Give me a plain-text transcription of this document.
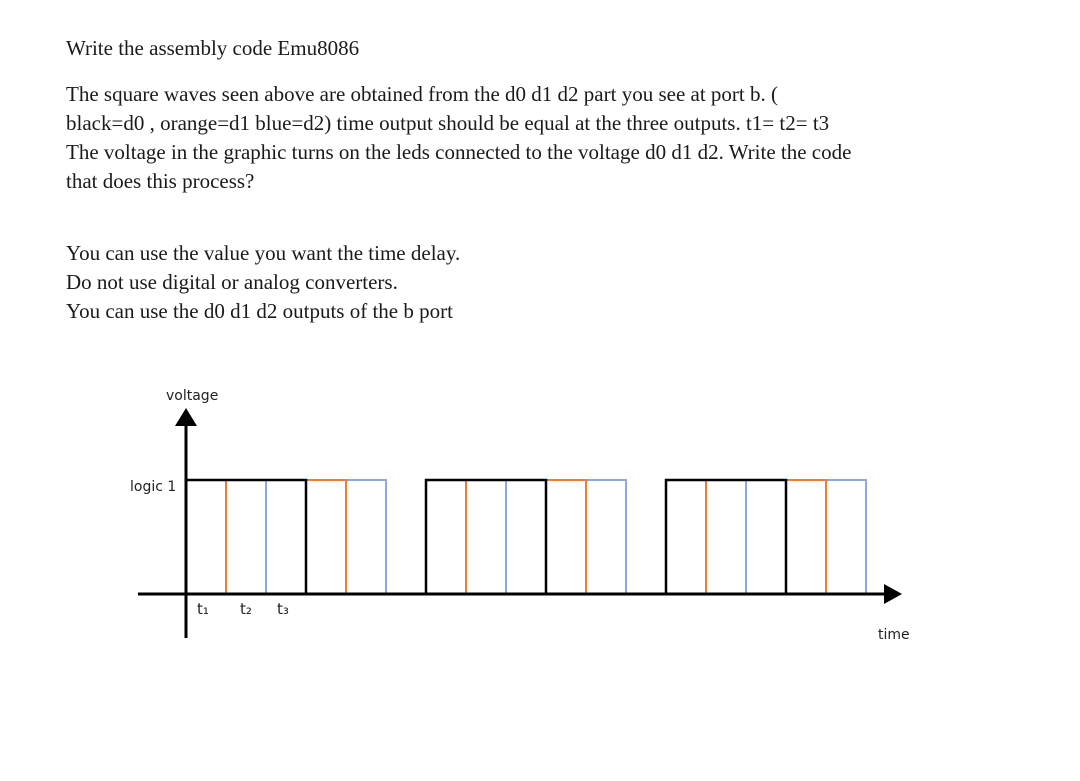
Write the assembly code Emu8086
The square waves seen above are obtained from the d0 d1 d2 part you see at port b. (
black=d0 , orange=d1 blue=d2) time output should be equal at the three outputs. t1= t2= t3
The voltage in the graphic turns on the leds connected to the voltage d0 d1 d2. Write the code
that does this process?
You can use the value you want the time delay.
Do not use digital or analog converters.
You can use the d0 d1 d2 outputs of the b port
voltage
logic 1
time
t₁ t₂ t₃
